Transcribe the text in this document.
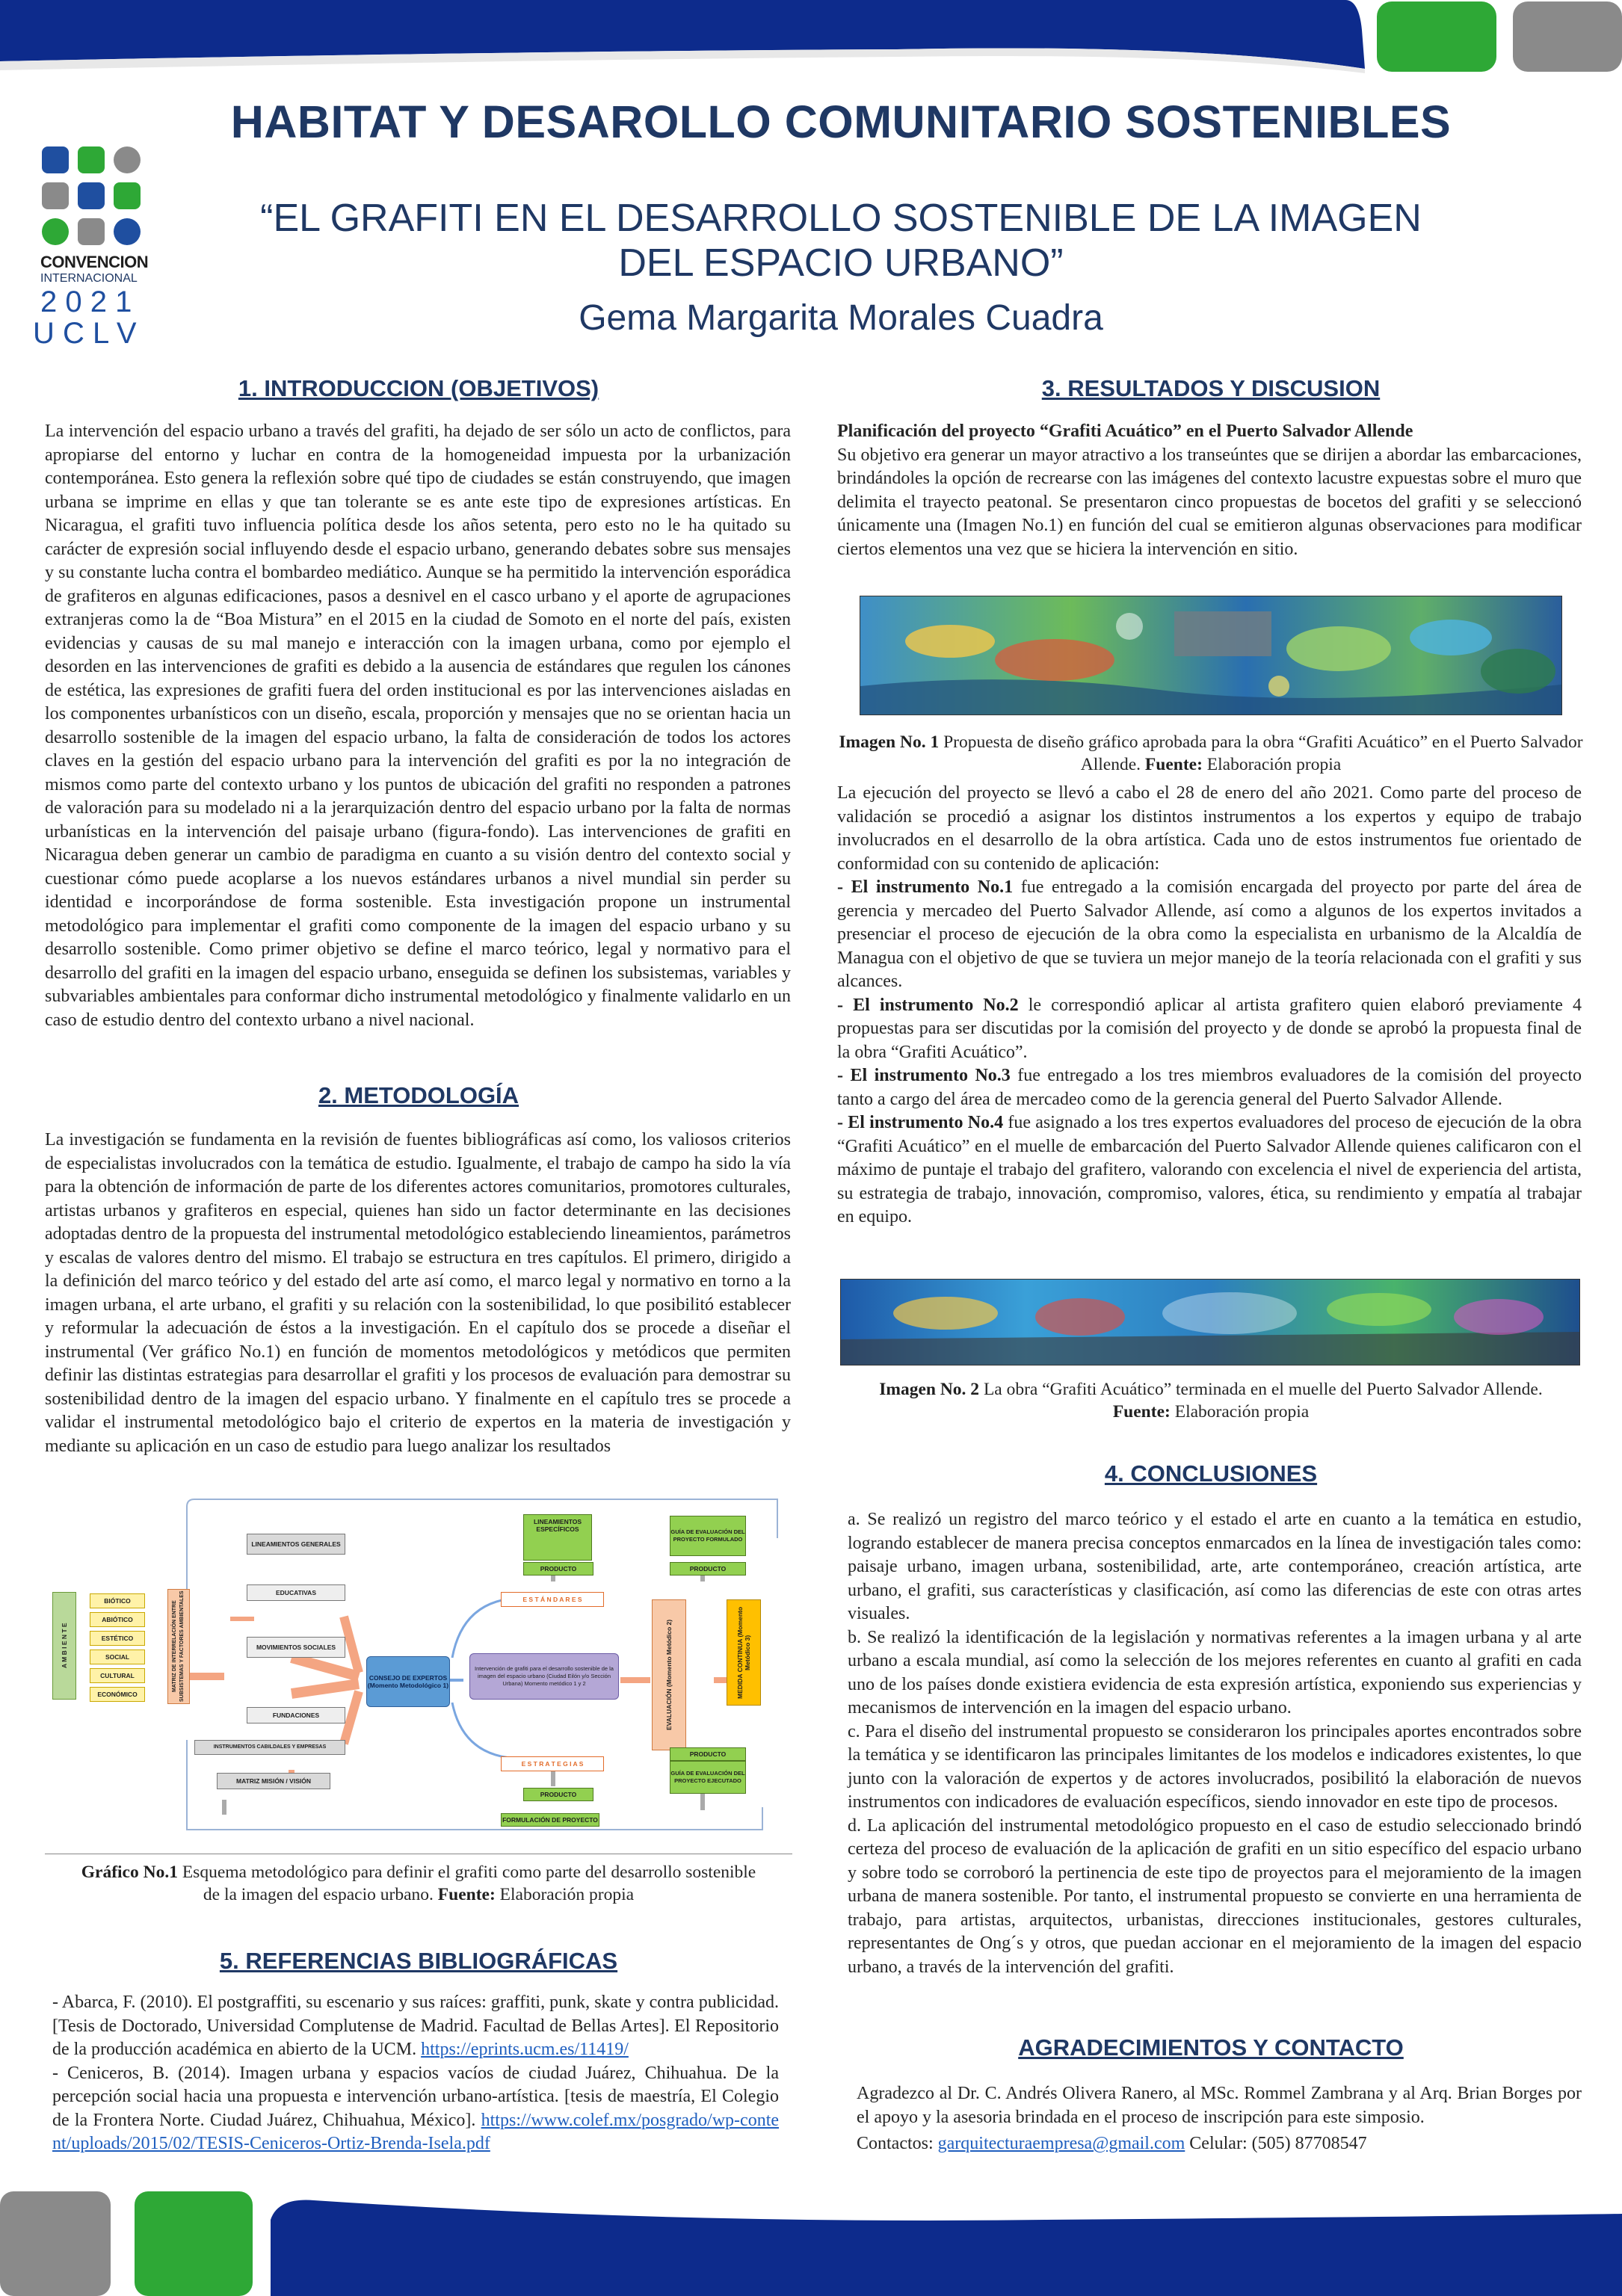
CONVENCION
INTERNACIONAL
2 0 2 1
U C L V
HABITAT Y DESAROLLO COMUNITARIO SOSTENIBLES
“EL GRAFITI EN EL DESARROLLO SOSTENIBLE DE LA IMAGEN
DEL ESPACIO URBANO”
Gema Margarita Morales Cuadra
1. INTRODUCCION (OBJETIVOS)
La intervención del espacio urbano a través del grafiti, ha dejado de ser sólo un acto de conflictos, para apropiarse del entorno y luchar en contra de la homogeneidad impuesta por la urbanización contemporánea. Esto genera la reflexión sobre qué tipo de ciudades se están construyendo, que imagen urbana se imprime en ellas y que tan tolerante se es ante este tipo de expresiones artísticas. En Nicaragua, el grafiti tuvo influencia política desde los años setenta, pero esto no le ha quitado su carácter de expresión social influyendo desde el espacio urbano, generando debates sobre sus mensajes y su constante lucha contra el bombardeo mediático. Aunque se ha permitido la intervención esporádica de grafiteros en algunas edificaciones, pasos a desnivel en el casco urbano y el aporte de agrupaciones extranjeras como la de “Boa Mistura” en el 2015 en la ciudad de Somoto en el norte del país, existen evidencias y causas de su mal manejo e interacción con la imagen urbana, como por ejemplo el desorden en las intervenciones de grafiti es debido a la ausencia de estándares que regulen los cánones de estética, las expresiones de grafiti fuera del orden institucional es por las intervenciones aisladas en los componentes urbanísticos con un diseño, escala, proporción y mensajes que no se orientan hacia un desarrollo sostenible de la imagen del espacio urbano, la falta de consideración de todos los actores claves en la gestión del espacio urbano para la intervención del grafiti es por la no integración de mismos como parte del contexto urbano y los puntos de ubicación del grafiti no responden a patrones de valoración para su modelado ni a la jerarquización dentro del espacio urbano por la falta de normas urbanísticas en la intervención del paisaje urbano (figura-fondo). Las intervenciones de grafiti en Nicaragua deben generar un cambio de paradigma en cuanto a su visión dentro del contexto social y cuestionar cómo puede acoplarse a los nuevos estándares urbanos a nivel mundial sin perder su identidad e incorporándose de forma sostenible. Esta investigación propone un instrumental metodológico para implementar el grafiti como componente de la imagen del espacio urbano y su desarrollo sostenible. Como primer objetivo se define el marco teórico, legal y normativo para el desarrollo del grafiti en la imagen del espacio urbano, enseguida se definen los subsistemas, variables y subvariables ambientales para conformar dicho instrumental metodológico y finalmente validarlo en un caso de estudio dentro del contexto urbano a nivel nacional.
2. METODOLOGÍA
La investigación se fundamenta en la revisión de fuentes bibliográficas así como, los valiosos criterios de especialistas involucrados con la temática de estudio. Igualmente, el trabajo de campo ha sido la vía para la obtención de información de parte de los diferentes actores comunitarios, promotores culturales, artistas urbanos y grafiteros en especial, quienes han sido un factor determinante en las decisiones adoptadas dentro de la propuesta del instrumental metodológico estableciendo lineamientos, parámetros y escalas de valores dentro del mismo. El trabajo se estructura en tres capítulos. El primero, dirigido a la definición del marco teórico y del estado del arte así como, el marco legal y normativo en torno a la imagen urbana, el arte urbano, el grafiti y su relación con la sostenibilidad, lo que posibilitó establecer y reformular la adecuación de éstos a la investigación. En el capítulo dos se procede a diseñar el instrumental (Ver gráfico No.1) en función de momentos metodológicos y metódicos que permiten definir las distintas estrategias para desarrollar el grafiti y los procesos de evaluación para demostrar su sostenibilidad dentro de la imagen del espacio urbano. Y finalmente en el capítulo tres se procede a validar el instrumental metodológico bajo el criterio de expertos en la materia de investigación y mediante su aplicación en un caso de estudio para luego analizar los resultados
A M B I E N T E
BIÓTICO
ABIÓTICO
ESTÉTICO
SOCIAL
CULTURAL
ECONÓMICO
MATRIZ DE INTERRELACIÓN ENTRE SUBSISTEMAS Y FACTORES AMBIENTALES
LINEAMIENTOS GENERALES
EDUCATIVAS
MOVIMIENTOS SOCIALES
FUNDACIONES
INSTRUMENTOS CABILDALES Y EMPRESAS
MATRIZ MISIÓN / VISIÓN
CONSEJO DE EXPERTOS (Momento Metodológico 1)
LINEAMIENTOS ESPECÍFICOS
PRODUCTO
E S T Á N D A R E S
Intervención de grafiti para el desarrollo sostenible de la imagen del espacio urbano (Ciudad Eilón y/o Sección Urbana) Momento metódico 1 y 2
E S T R A T E G I A S
PRODUCTO
FORMULACIÓN DE PROYECTO
GUÍA DE EVALUACIÓN DEL PROYECTO FORMULADO
PRODUCTO
EVALUACIÓN (Momento Metódico 2)	MEDIDA CONTINUA (Momento Metódico 3)
PRODUCTO
GUÍA DE EVALUACIÓN DEL PROYECTO EJECUTADO
Gráfico No.1 Esquema metodológico para definir el grafiti como parte del desarrollo sostenible
de la imagen del espacio urbano. Fuente: Elaboración propia
5. REFERENCIAS BIBLIOGRÁFICAS

- Abarca, F. (2010). El postgraffiti, su escenario y sus raíces: graffiti, punk, skate y contra publicidad. [Tesis de Doctorado, Universidad Complutense de Madrid. Facultad de Bellas Artes]. El Repositorio de la producción académica en abierto de la UCM. https://eprints.ucm.es/11419/

- Ceniceros, B. (2014). Imagen urbana y espacios vacíos de ciudad Juárez, Chihuahua. De la percepción social hacia una propuesta e intervención urbano-artística. [tesis de maestría, El Colegio de la Frontera Norte. Ciudad Juárez, Chihuahua, México]. https://www.colef.mx/posgrado/wp-content/uploads/2015/02/TESIS-Ceniceros-Ortiz-Brenda-Isela.pdf

3. RESULTADOS Y DISCUSION

Planificación del proyecto “Grafiti Acuático” en el Puerto Salvador Allende

Su objetivo era generar un mayor atractivo a los transeúntes que se dirijen a abordar las embarcaciones, brindándoles la opción de recrearse con las imágenes del contexto lacustre expuestas sobre el muro que delimita el trayecto peatonal. Se presentaron cinco propuestas de bocetos del grafiti y se seleccionó únicamente una (Imagen No.1) en función del cual se emitieron algunas observaciones para modificar ciertos elementos una vez que se hiciera la intervención en sitio.

Imagen No. 1 Propuesta de diseño gráfico aprobada para la obra “Grafiti Acuático” en el Puerto Salvador Allende. Fuente: Elaboración propia

La ejecución del proyecto se llevó a cabo el 28 de enero del año 2021. Como parte del proceso de validación se procedió a asignar los distintos instrumentos a los expertos y equipo de trabajo involucrados en el desarrollo de la obra artística. Cada uno de estos instrumentos fue orientado de conformidad con su contenido de aplicación:

- El instrumento No.1 fue entregado a la comisión encargada del proyecto por parte del área de gerencia y mercadeo del Puerto Salvador Allende, así como a algunos de los expertos invitados a presenciar el proceso de ejecución de la obra como la especialista en urbanismo de la Alcaldía de Managua con el objetivo de que se tuviera un mejor manejo de la teoría relacionada con el grafiti y sus alcances.

- El instrumento No.2 le correspondió aplicar al artista grafitero quien elaboró previamente 4 propuestas para ser discutidas por la comisión del proyecto y de donde se aprobó la propuesta final de la obra “Grafiti Acuático”.

- El instrumento No.3 fue entregado a los tres miembros evaluadores de la comisión del proyecto tanto a cargo del área de mercadeo como de la gerencia general del Puerto Salvador Allende.

- El instrumento No.4 fue asignado a los tres expertos evaluadores del proceso de ejecución de la obra “Grafiti Acuático” en el muelle de embarcación del Puerto Salvador Allende quienes calificaron con el máximo de puntaje el trabajo del grafitero, valorando con excelencia el nivel de experiencia del artista, su estrategia de trabajo, innovación, compromiso, valores, ética, su rendimiento y empatía al trabajar en equipo.

Imagen No. 2 La obra “Grafiti Acuático” terminada en el muelle del Puerto Salvador Allende.
Fuente: Elaboración propia
4. CONCLUSIONES

a. Se realizó un registro del marco teórico y el estado el arte en cuanto a la temática en estudio, logrando establecer de manera precisa conceptos enmarcados en la línea de investigación tales como: paisaje urbano, imagen urbana, sostenibilidad, arte, arte contemporáneo, creación artística, arte urbano, el grafiti, sus características y clasificación, así como las diferencias de este con otras artes visuales.

b. Se realizó la identificación de la legislación y normativas referentes a la imagen urbana y al arte urbano a escala mundial, así como la selección de los mejores referentes en cuanto al grafiti en cada uno de los países donde existiera evidencia de esta expresión artística, exponiendo sus experiencias y mecanismos de intervención en la imagen del espacio urbano.

c. Para el diseño del instrumental propuesto se consideraron los principales aportes encontrados sobre la temática y se identificaron las principales limitantes de los modelos e indicadores existentes, lo que junto con la valoración de expertos y de actores involucrados, posibilitó la elaboración de nuevos instrumentos con indicadores de evaluación específicos, siendo innovador en este tipo de procesos.

d. La aplicación del instrumental metodológico propuesto en el caso de estudio seleccionado brindó certeza del proceso de evaluación de la aplicación de grafiti en un sitio específico del espacio urbano y sobre todo se corroboró la pertinencia de este tipo de proyectos para el mejoramiento de la imagen urbana de manera sostenible. Por tanto, el instrumental propuesto se convierte en una herramienta de trabajo, para artistas, arquitectos, urbanistas, direcciones institucionales, gestores culturales, representantes de Ong´s y otros, que puedan accionar en el mejoramiento de la imagen del espacio urbano, a través de la intervención del grafiti.

AGRADECIMIENTOS Y CONTACTO

Agradezco al Dr. C. Andrés Olivera Ranero, al MSc. Rommel Zambrana y al Arq. Brian Borges por el apoyo y la asesoria brindada en el proceso de inscripción para este simposio.

Contactos: garquitecturaempresa@gmail.com Celular: (505) 87708547
